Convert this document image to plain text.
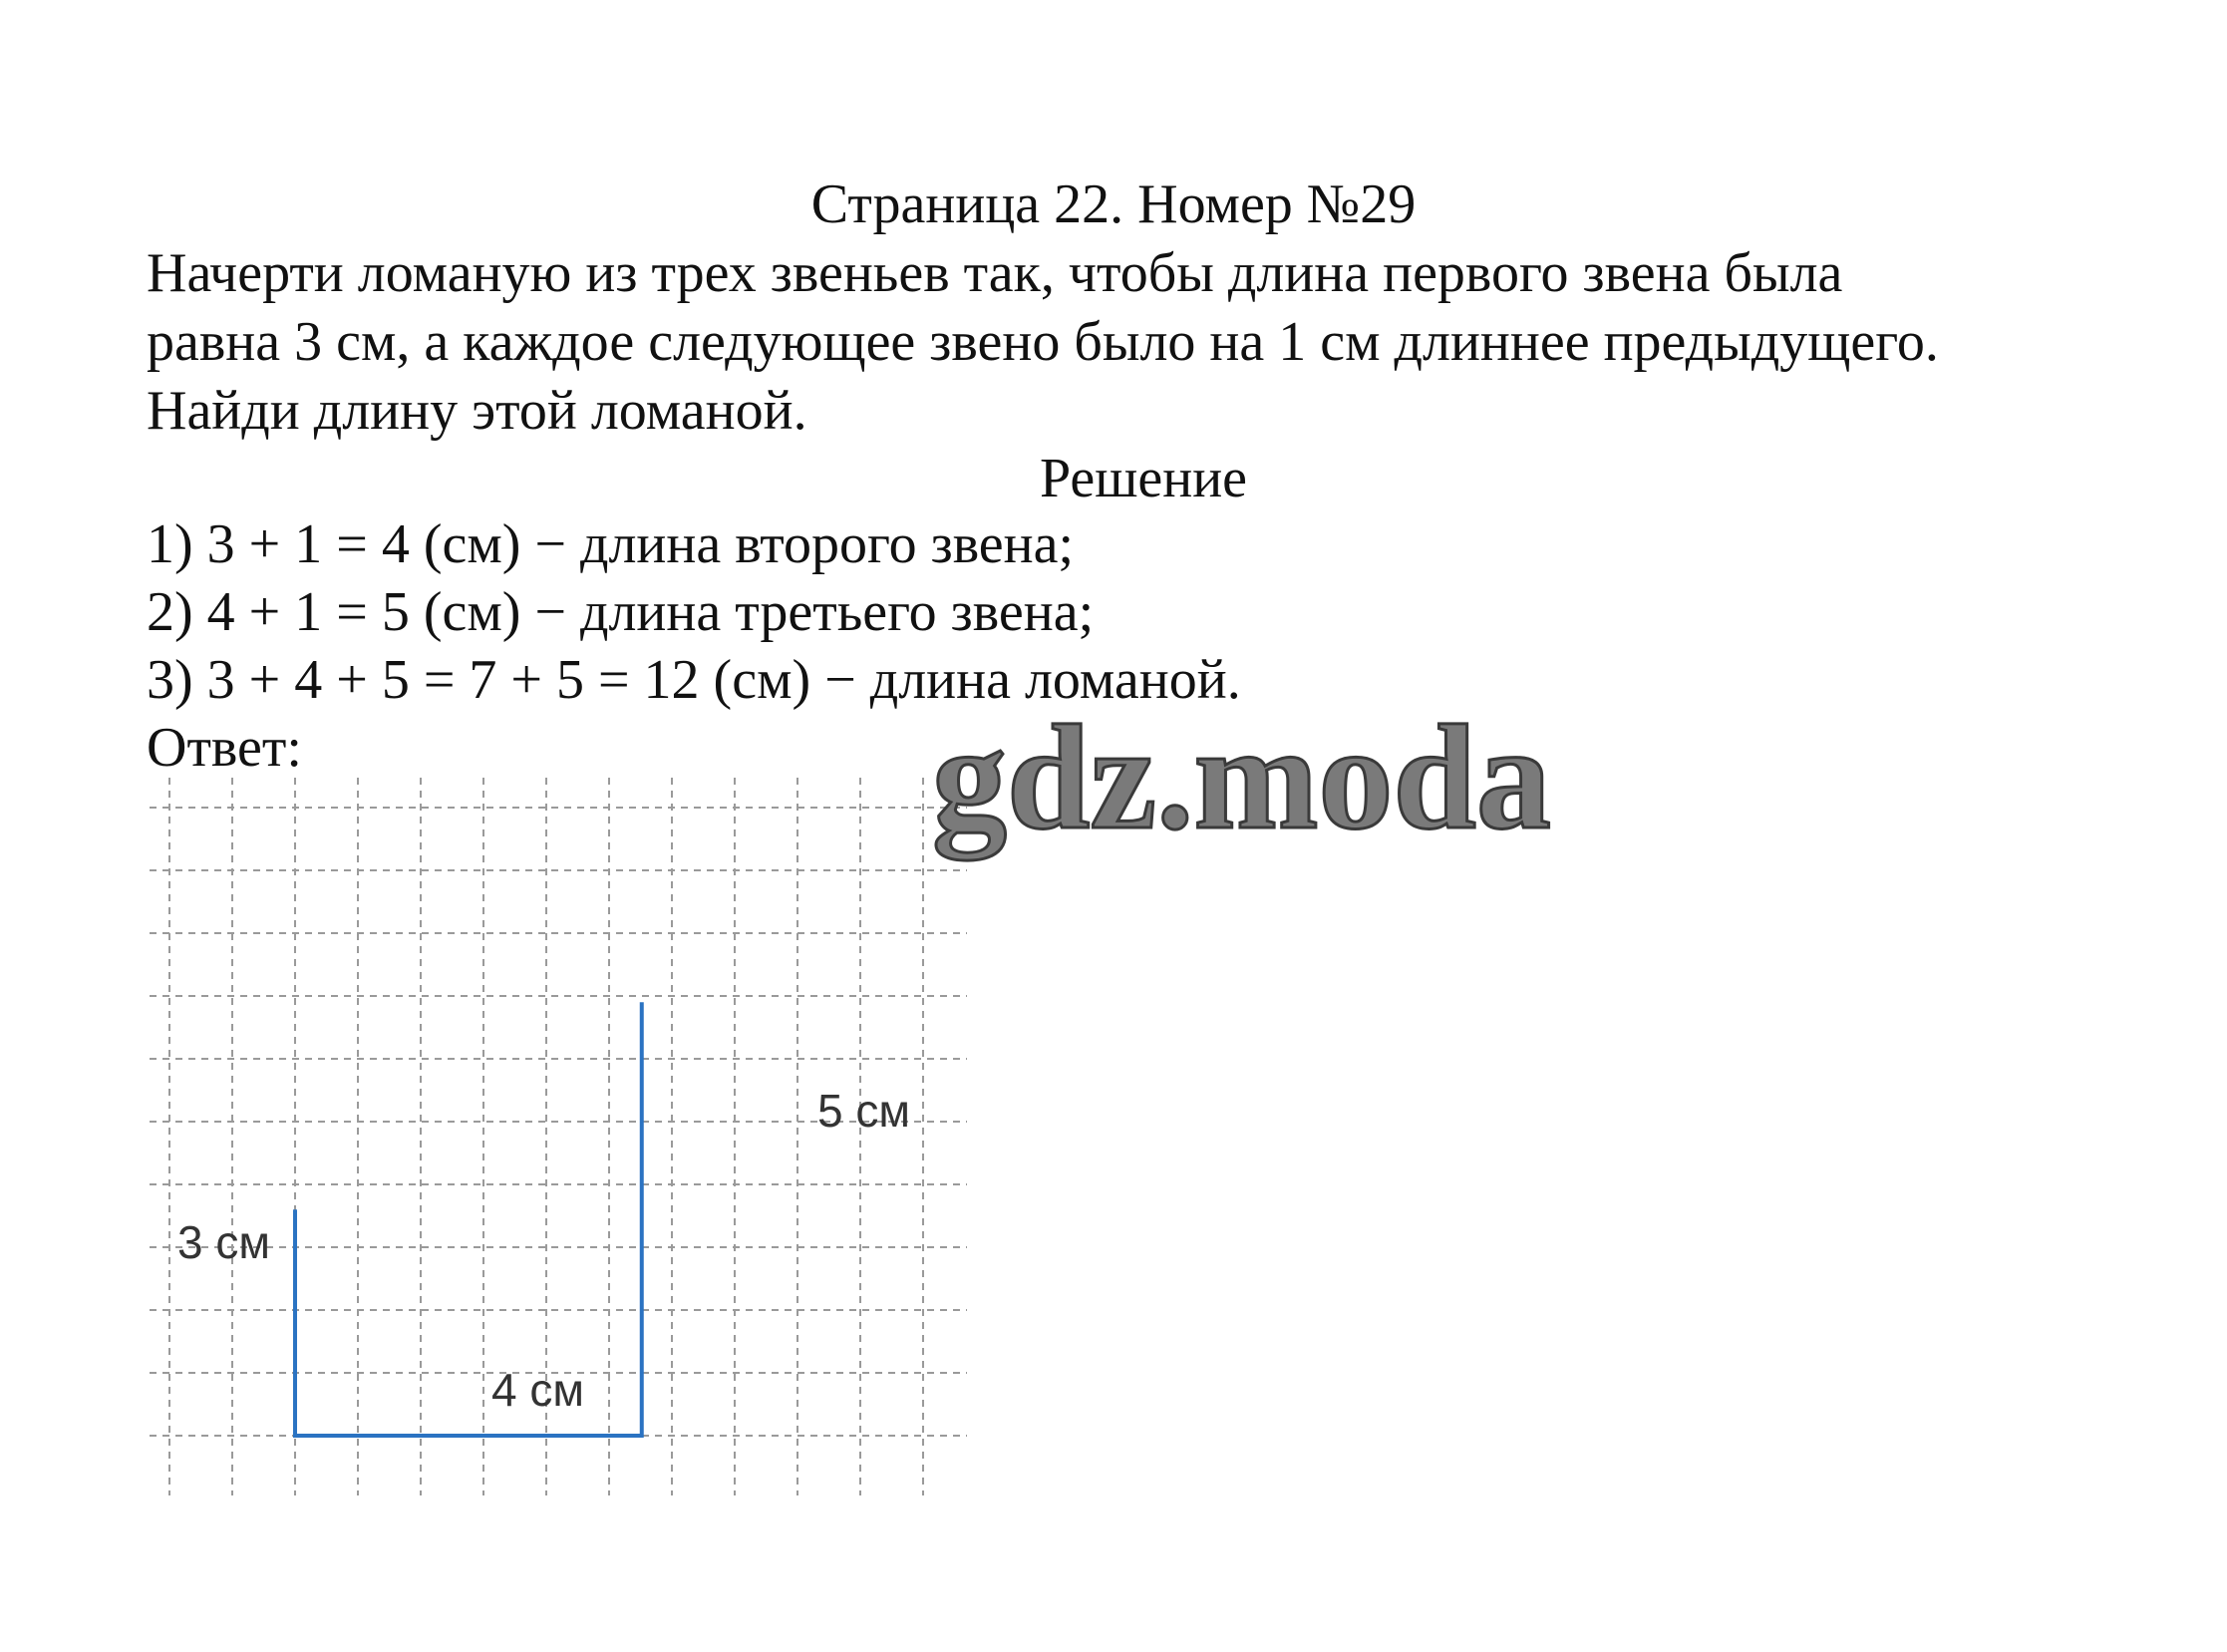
Страница 22. Номер №29
Начерти ломаную из трех звеньев так, чтобы длина первого звена была
равна 3 см, а каждое следующее звено было на 1 см длиннее предыдущего.
Найди длину этой ломаной.
Решение
1) 3 + 1 = 4 (см) − длина второго звена;
2) 4 + 1 = 5 (см) − длина третьего звена;
3) 3 + 4 + 5 = 7 + 5 = 12 (см) − длина ломаной.
Ответ:
3 см
4 см
5 см
gdz.moda
